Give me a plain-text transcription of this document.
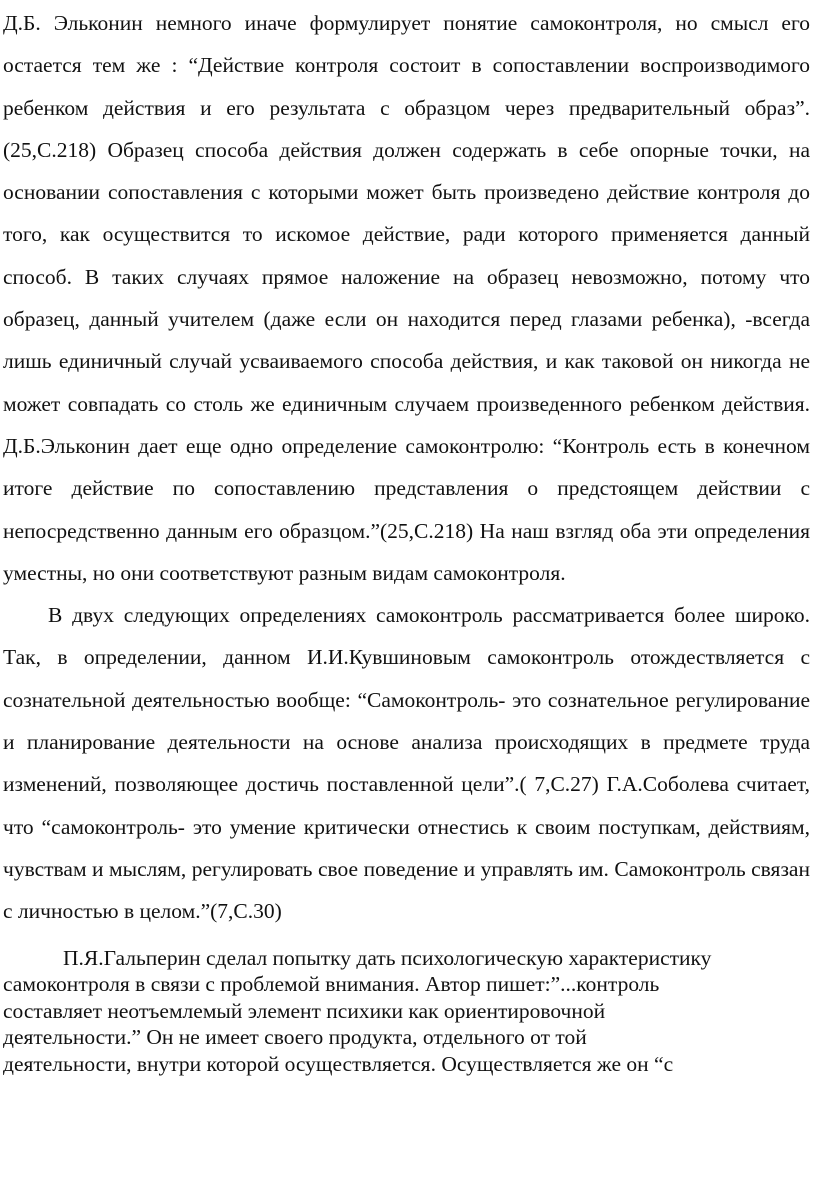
Д.Б. Эльконин немного иначе формулирует понятие самоконтроля, но смысл его остается тем же : “Действие контроля состоит в сопоставлении воспроизводимого ребенком действия и его результата с образцом через предварительный образ”.(25,С.218) Образец способа действия должен содержать в себе опорные точки, на основании сопоставления с которыми может быть произведено действие контроля до того, как осуществится то искомое действие, ради которого применяется данный способ. В таких случаях прямое наложение на образец невозможно, потому что образец, данный учителем (даже если он находится перед глазами ребенка), -всегда лишь единичный случай усваиваемого способа действия, и как таковой он никогда не может совпадать со столь же единичным случаем произведенного ребенком действия. Д.Б.Эльконин дает еще одно определение самоконтролю: “Контроль есть в конечном итоге действие по сопоставлению представления о предстоящем действии с непосредственно данным его образцом.”(25,С.218) На наш взгляд оба эти определения уместны, но они соответствуют разным видам самоконтроля.

В двух следующих определениях самоконтроль рассматривается более широко. Так, в определении, данном И.И.Кувшиновым самоконтроль отождествляется с сознательной деятельностью вообще: “Самоконтроль- это сознательное регулирование и планирование деятельности на основе анализа происходящих в предмете труда изменений, позволяющее достичь поставленной цели”.( 7,С.27) Г.А.Соболева считает, что “самоконтроль- это умение критически отнестись к своим поступкам, действиям, чувствам и мыслям, регулировать свое поведение и управлять им. Самоконтроль связан с личностью в целом.”(7,С.30)

П.Я.Гальперин сделал попытку дать психологическую характеристику
самоконтроля в связи с проблемой внимания. Автор пишет:”...контроль
составляет неотъемлемый элемент психики как ориентировочной
деятельности.” Он не имеет своего продукта, отдельного от той
деятельности, внутри которой осуществляется. Осуществляется же он “с
